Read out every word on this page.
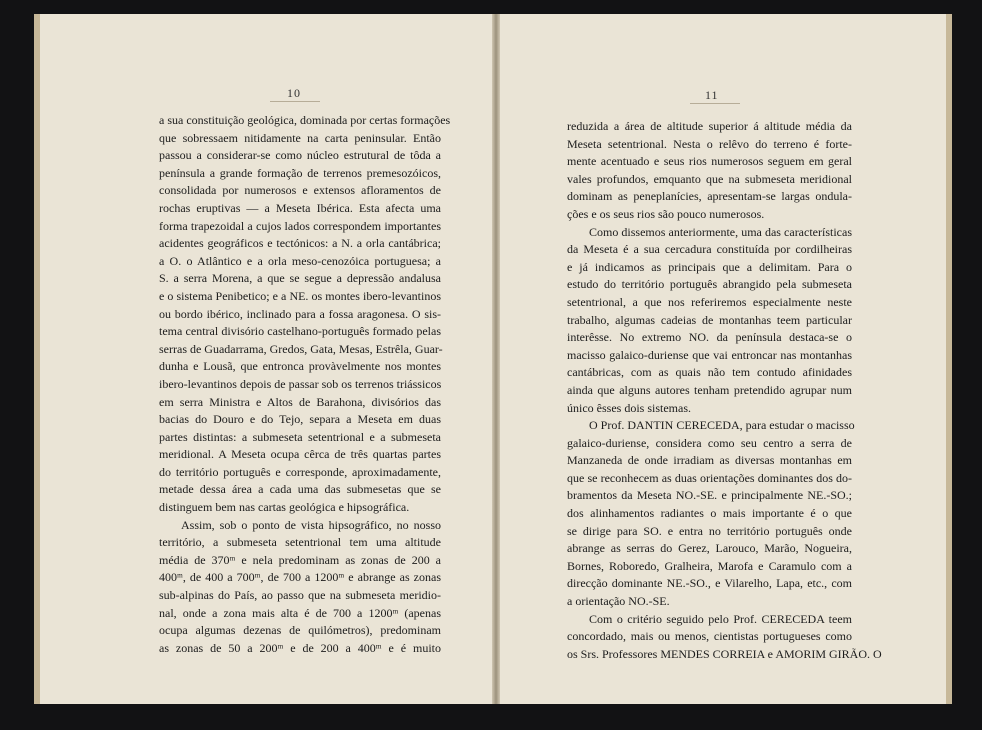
10	11
a sua constituição geológica, dominada por certas formações
que sobressaem nitidamente na carta peninsular. Então
passou a considerar-se como núcleo estrutural de tôda a
península a grande formação de terrenos premesozóicos,
consolidada por numerosos e extensos afloramentos de
rochas eruptivas — a Meseta Ibérica. Esta afecta uma
forma trapezoidal a cujos lados correspondem importantes
acidentes geográficos e tectónicos: a N. a orla cantábrica;
a O. o Atlântico e a orla meso-cenozóica portuguesa; a
S. a serra Morena, a que se segue a depressão andalusa
e o sistema Penibetico; e a NE. os montes ibero-levantinos
ou bordo ibérico, inclinado para a fossa aragonesa. O sis-
tema central divisório castelhano-português formado pelas
serras de Guadarrama, Gredos, Gata, Mesas, Estrêla, Guar-
dunha e Lousã, que entronca provàvelmente nos montes
ibero-levantinos depois de passar sob os terrenos triássicos
em serra Ministra e Altos de Barahona, divisórios das
bacias do Douro e do Tejo, separa a Meseta em duas
partes distintas: a submeseta setentrional e a submeseta
meridional. A Meseta ocupa cêrca de três quartas partes
do território português e corresponde, aproximadamente,
metade dessa área a cada uma das submesetas que se
distinguem bem nas cartas geológica e hipsográfica.
Assim, sob o ponto de vista hipsográfico, no nosso
território, a submeseta setentrional tem uma altitude
média de 370ᵐ e nela predominam as zonas de 200 a
400ᵐ, de 400 a 700ᵐ, de 700 a 1200ᵐ e abrange as zonas
sub-alpinas do País, ao passo que na submeseta meridio-
nal, onde a zona mais alta é de 700 a 1200ᵐ (apenas
ocupa algumas dezenas de quilómetros), predominam
as zonas de 50 a 200ᵐ e de 200 a 400ᵐ e é muito
reduzida a área de altitude superior á altitude média da
Meseta setentrional. Nesta o relêvo do terreno é forte-
mente acentuado e seus rios numerosos seguem em geral
vales profundos, emquanto que na submeseta meridional
dominam as peneplanícies, apresentam-se largas ondula-
ções e os seus rios são pouco numerosos.
Como dissemos anteriormente, uma das características
da Meseta é a sua cercadura constituída por cordilheiras
e já indicamos as principais que a delimitam. Para o
estudo do território português abrangido pela submeseta
setentrional, a que nos referiremos especialmente neste
trabalho, algumas cadeias de montanhas teem particular
interêsse. No extremo NO. da península destaca-se o
macisso galaico-duriense que vai entroncar nas montanhas
cantábricas, com as quais não tem contudo afinidades
ainda que alguns autores tenham pretendido agrupar num
único êsses dois sistemas.
O Prof. DANTIN CERECEDA, para estudar o macisso
galaico-duriense, considera como seu centro a serra de
Manzaneda de onde irradiam as diversas montanhas em
que se reconhecem as duas orientações dominantes dos do-
bramentos da Meseta NO.-SE. e principalmente NE.-SO.;
dos alinhamentos radiantes o mais importante é o que
se dirige para SO. e entra no território português onde
abrange as serras do Gerez, Larouco, Marão, Nogueira,
Bornes, Roboredo, Gralheira, Marofa e Caramulo com a
direcção dominante NE.-SO., e Vilarelho, Lapa, etc., com
a orientação NO.-SE.
Com o critério seguido pelo Prof. CERECEDA teem
concordado, mais ou menos, cientistas portugueses como
os Srs. Professores MENDES CORREIA e AMORIM GIRÃO. O
